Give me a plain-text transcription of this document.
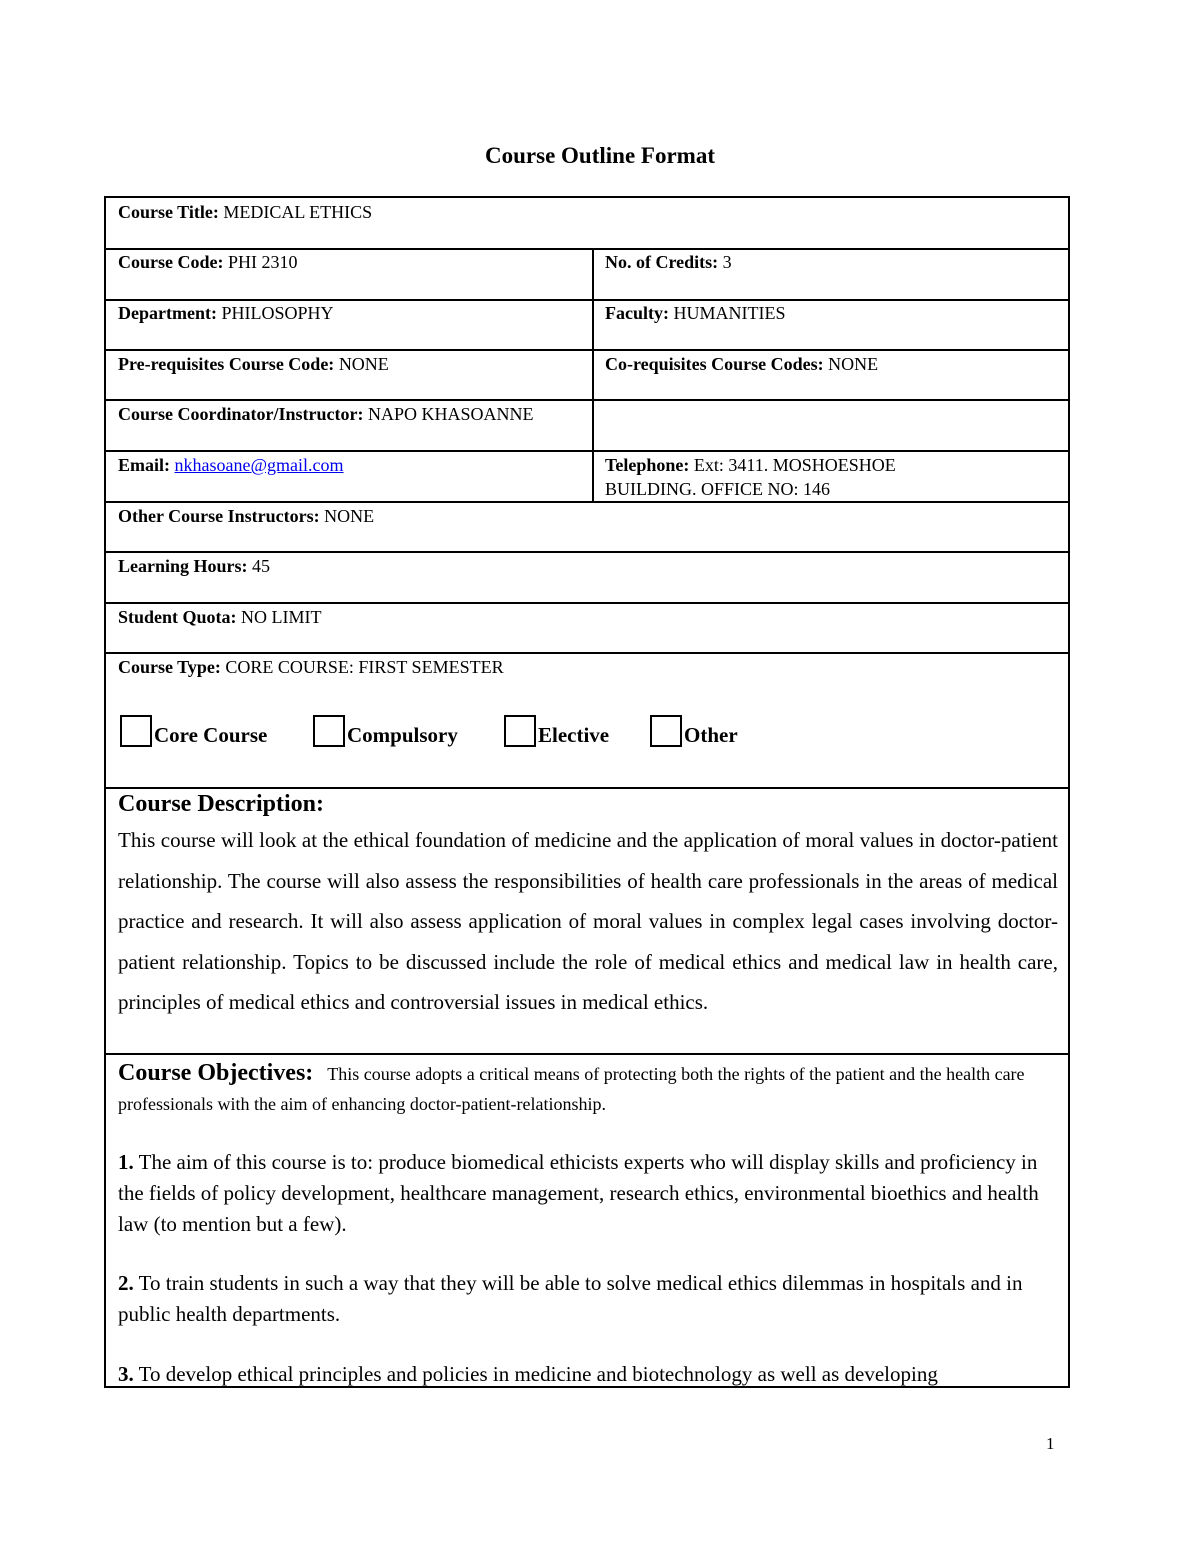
Course Outline Format
Course Title: MEDICAL ETHICS
Course Code: PHI 2310	No. of Credits: 3
Department: PHILOSOPHY	Faculty: HUMANITIES
Pre-requisites Course Code: NONE	Co-requisites Course Codes: NONE
Course Coordinator/Instructor: NAPO KHASOANNE
Email: nkhasoane@gmail.com	Telephone: Ext: 3411. MOSHOESHOE
BUILDING. OFFICE NO: 146
Other Course Instructors: NONE
Learning Hours: 45
Student Quota: NO LIMIT
Course Type: CORE COURSE: FIRST SEMESTER
Core Course	Compulsory	Elective	Other
Course Description:
This course will look at the ethical foundation of medicine and the application of moral values in doctor-patient relationship. The course will also assess the responsibilities of health care professionals in the areas of medical practice and research. It will also assess application of moral values in complex legal cases involving doctor-patient relationship. Topics to be discussed include the role of medical ethics and medical law in health care, principles of medical ethics and controversial issues in medical ethics.
Course Objectives: This course adopts a critical means of protecting both the rights of the patient and the health care professionals with the aim of enhancing doctor-patient-relationship.
1. The aim of this course is to: produce biomedical ethicists experts who will display skills and proficiency in the fields of policy development, healthcare management, research ethics, environmental bioethics and health law (to mention but a few).
2. To train students in such a way that they will be able to solve medical ethics dilemmas in hospitals and in public health departments.
3. To develop ethical principles and policies in medicine and biotechnology as well as developing
1
